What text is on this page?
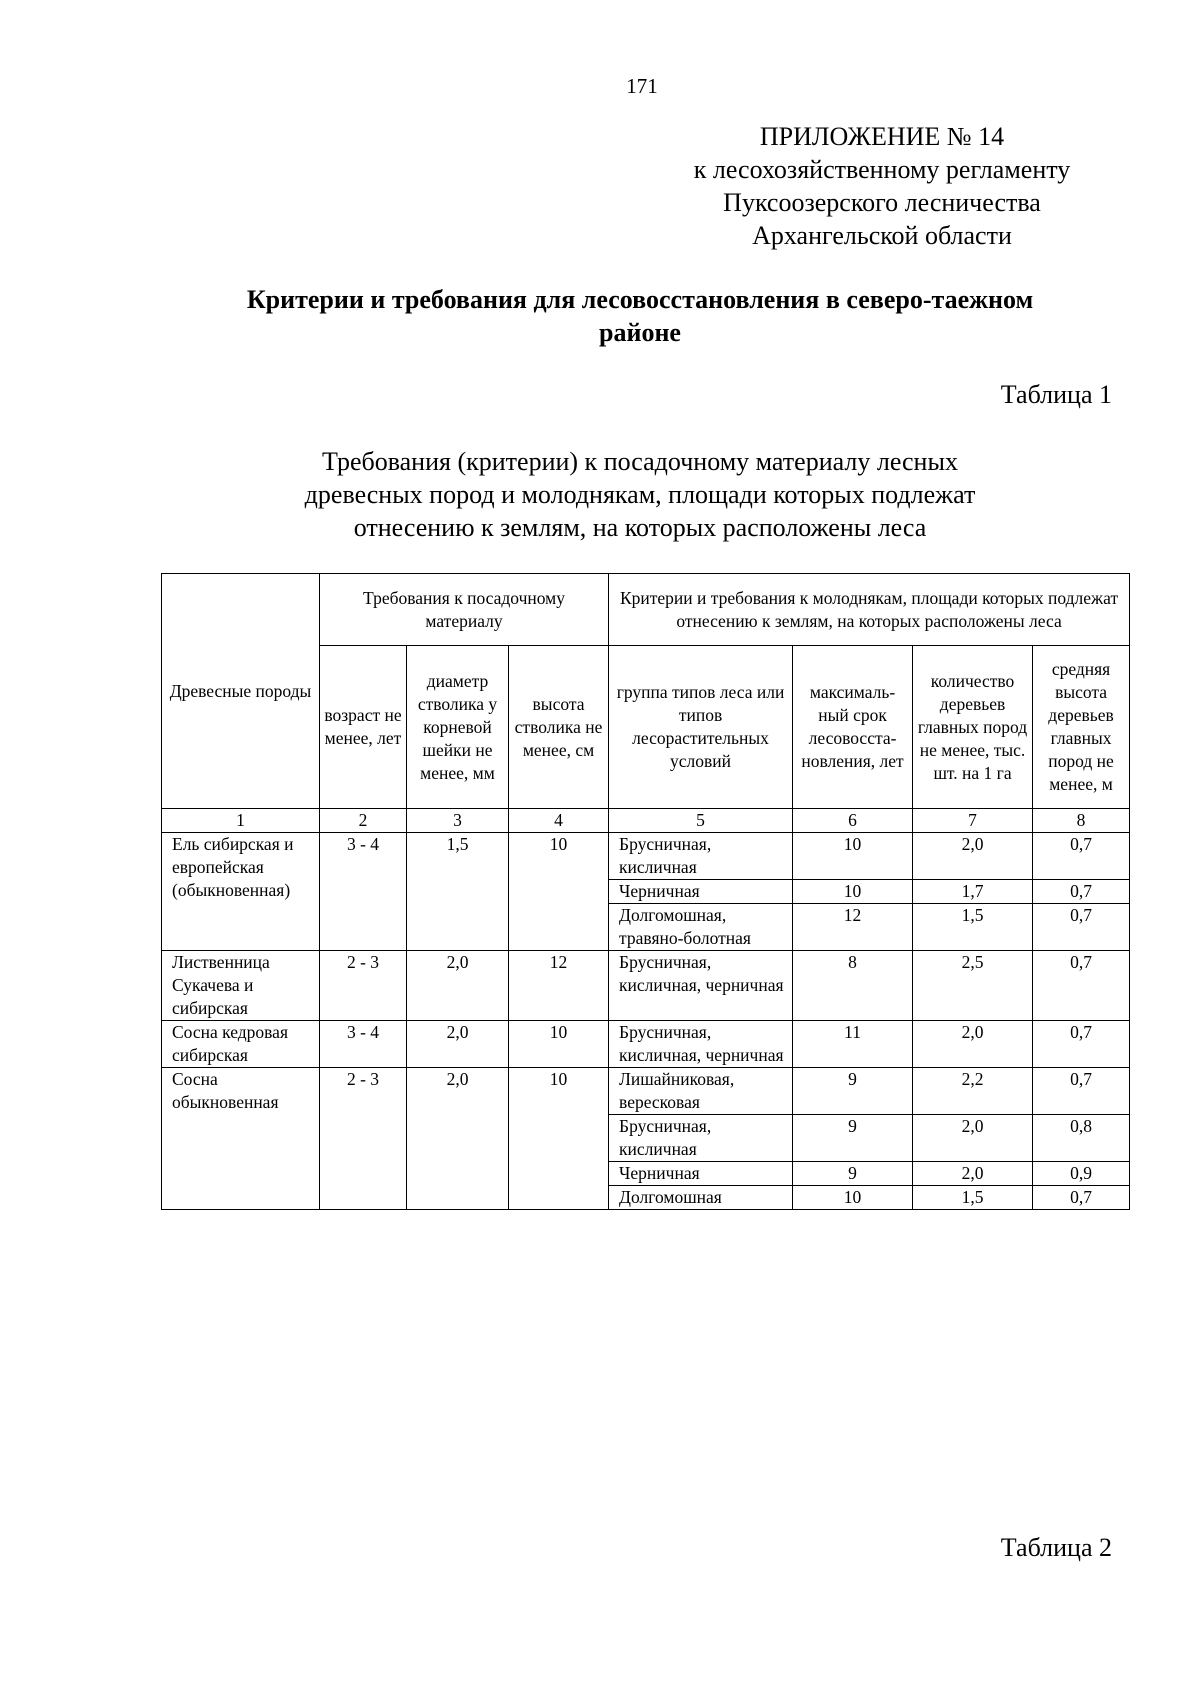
171
ПРИЛОЖЕНИЕ № 14
к лесохозяйственному регламенту
Пуксоозерского лесничества
Архангельской области
Критерии и требования для лесовосстановления в северо-таежном
районе
Таблица 1
Требования (критерии) к посадочному материалу лесных
древесных пород и молоднякам, площади которых подлежат
отнесению к землям, на которых расположены леса
Древесные породы	Требования к посадочному материалу			Критерии и требования к молоднякам, площади которых подлежат отнесению к землям, на которых расположены леса			
	возраст не менее, лет	диаметр стволика у корневой шейки не менее, мм	высота стволика не менее, см	группа типов леса или типов лесорастительных условий	максималь-ный срок лесовосста-новления, лет	количество деревьев главных пород не менее, тыс. шт. на 1 га	средняя высота деревьев главных пород не менее, м
1	2	3	4	5	6	7	8
Ель сибирская и европейская (обыкновенная)	3 - 4	1,5	10	Брусничная, кисличная	10	2,0	0,7
				Черничная	10	1,7	0,7
				Долгомошная, травяно-болотная	12	1,5	0,7
Лиственница Сукачева и сибирская	2 - 3	2,0	12	Брусничная, кисличная, черничная	8	2,5	0,7
Сосна кедровая сибирская	3 - 4	2,0	10	Брусничная, кисличная, черничная	11	2,0	0,7
Сосна обыкновенная	2 - 3	2,0	10	Лишайниковая, вересковая	9	2,2	0,7
				Брусничная, кисличная	9	2,0	0,8
				Черничная	9	2,0	0,9
				Долгомошная	10	1,5	0,7
Таблица 2
